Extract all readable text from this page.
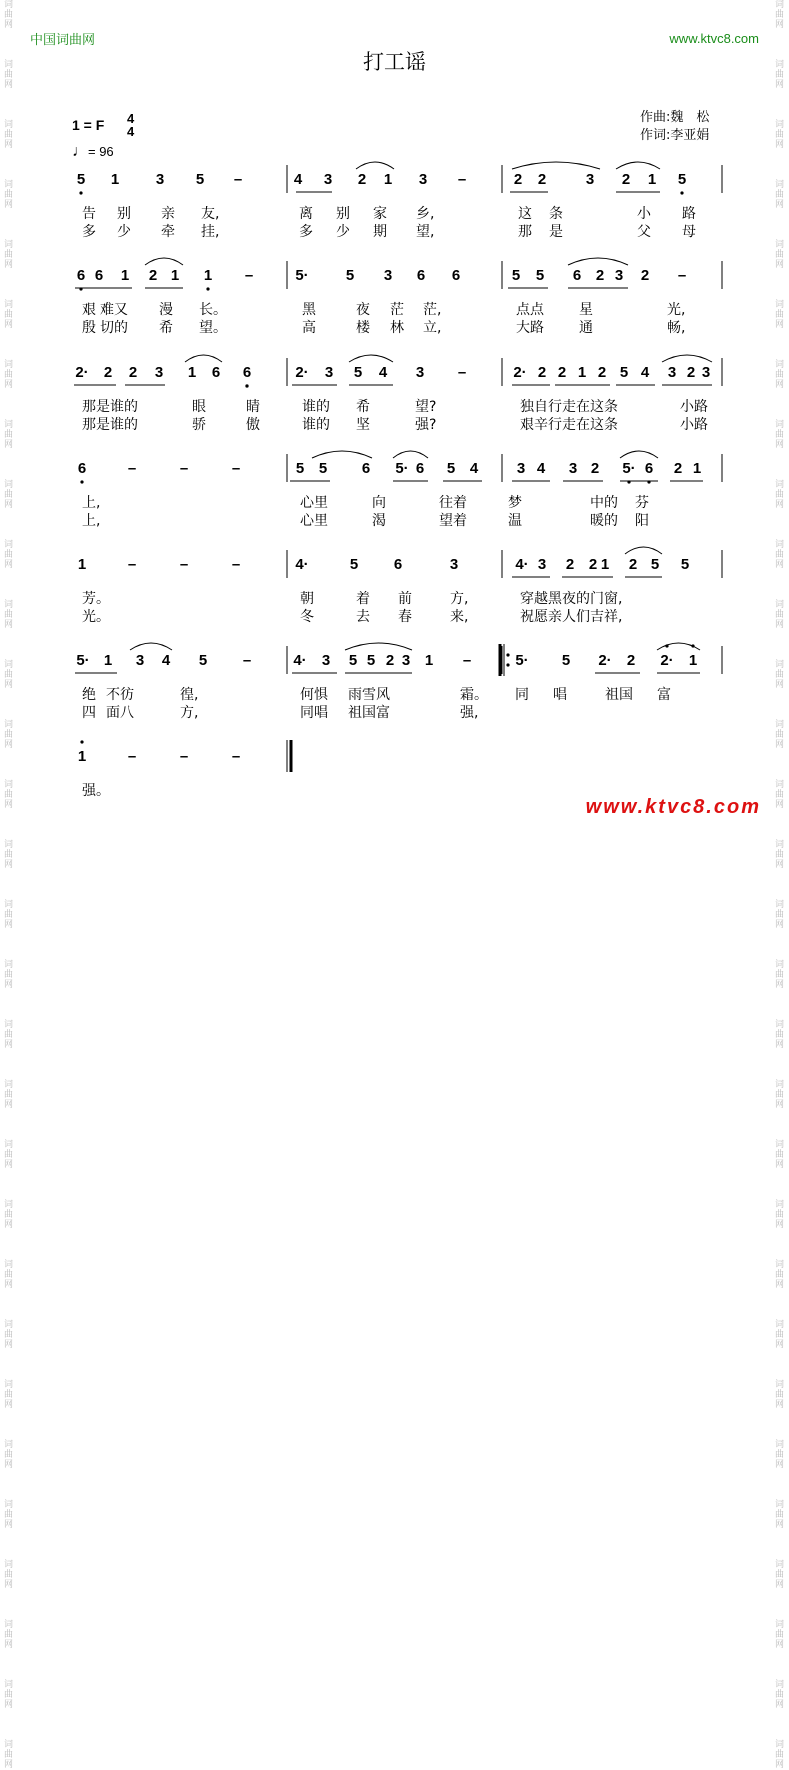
词
曲
网

词
曲
网

词
曲
网

词
曲
网

词
曲
网

词
曲
网

词
曲
网

词
曲
网

词
曲
网

词
曲
网

词
曲
网

词
曲
网

词
曲
网

词
曲
网

词
曲
网

词
曲
网

词
曲
网

词
曲
网

词
曲
网

词
曲
网

词
曲
网

词
曲
网

词
曲
网

词
曲
网

词
曲
网

词
曲
网

词
曲
网

词
曲
网

词
曲
网

词
曲
网

词
曲
网

词
曲
网

词
曲
网

词
曲
网

词
曲
网

词
曲
网

词
曲
网

词
曲
网

词
曲
网

词
曲
网

词
曲
网

词
曲
网

词
曲
网

词
曲
网

词
曲
网

词
曲
网

词
曲
网

词
曲
网

词
曲
网

词
曲
网

词
曲
网

词
曲
网

词
曲
网

词
曲
网

词
曲
网

词
曲
网

词
曲
网

词
曲
网

词
曲
网

词
曲
网

中国词曲网	www.ktvc8.com
打工谣
作曲:魏　松
作词:李亚娟
1 = F 4
4
♩= 96
5 1 3 5 –	4 3 2 1 3 –	2 2	3 2 1 5
告 别 亲 友,	离 别 家 乡,	这 条	小 路
多 少 牵 挂,	多 少 期 望,	那 是	父 母
6 6 1 2 1 1 –	5· 5 3 6 6	5 5 6 2 3 2 –
艰 难又 漫 长。	黑	夜 茫 茫,	点点	星	光,
殷 切的 希 望。	高	楼 林 立,	大路	通	畅,
2· 2 2 3 1 6 6	2· 3 5 4 3 –	2· 2 2 1 2 5 4 3 2 3
那是谁的	眼	睛	谁的 希	望?	独自行走在这条	小路
那是谁的	骄	傲	谁的 坚	强?	艰辛行走在这条	小路
6	–	–	–	5 5 6 5· 6 5 4	3 4 3 2 5· 6 2 1
上,	心里	向	往着	梦	中的 芬
上,	心里	渴	望着	温	暖的 阳
1	–	–	–	4·	5 6	3	4· 3 2 2 1 2 5 5
芳。	朝	着 前	方,	穿越黑夜的门窗,
光。	冬	去 春	来,	祝愿亲人们吉祥,
5· 1 3 4 5 –	4· 3 5 5 2 3 1 –	5· 5 2· 2 2· 1
绝 不彷	徨,	何惧 雨雪风	霜。 同 唱	祖国 富
四 面八	方,	同唱 祖国富	强,
1	–	–	–
强。
www.ktvc8.com
